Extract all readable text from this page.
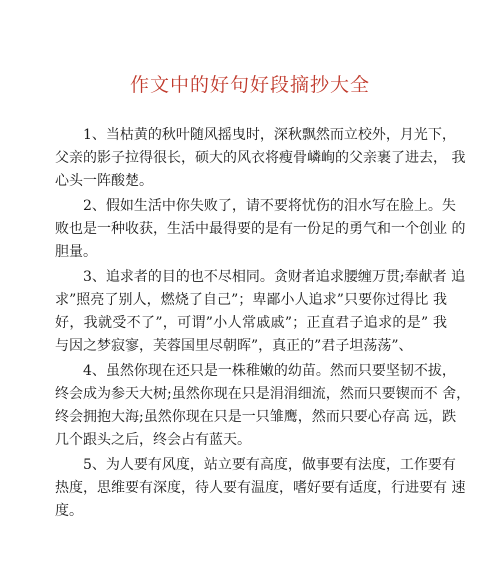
作文中的好句好段摘抄大全
1、当枯黄的秋叶随风摇曳时，深秋飘然而立校外，月光下，
父亲的影子拉得很长，硕大的风衣将瘦骨嶙峋的父亲裹了进去， 我
心头一阵酸楚。
2、假如生活中你失败了，请不要将忧伤的泪水写在脸上。失
败也是一种收获，生活中最得要的是有一份足的勇气和一个创业 的
胆量。
3、追求者的目的也不尽相同。贪财者追求腰缠万贯;奉献者 追
求”照亮了别人，燃烧了自己”；卑鄙小人追求”只要你过得比 我
好，我就受不了”，可谓”小人常戚戚”；正直君子追求的是” 我
与因之梦寂寥，芙蓉国里尽朝晖”，真正的”君子坦荡荡”、
4、虽然你现在还只是一株稚嫩的幼苗。然而只要坚韧不拔，
终会成为参天大树;虽然你现在只是涓涓细流，然而只要锲而不 舍，
终会拥抱大海;虽然你现在只是一只雏鹰，然而只要心存高 远，跌
几个跟头之后，终会占有蓝天。
5、为人要有风度，站立要有高度，做事要有法度，工作要有
热度，思维要有深度，待人要有温度，嗜好要有适度，行进要有 速
度。
